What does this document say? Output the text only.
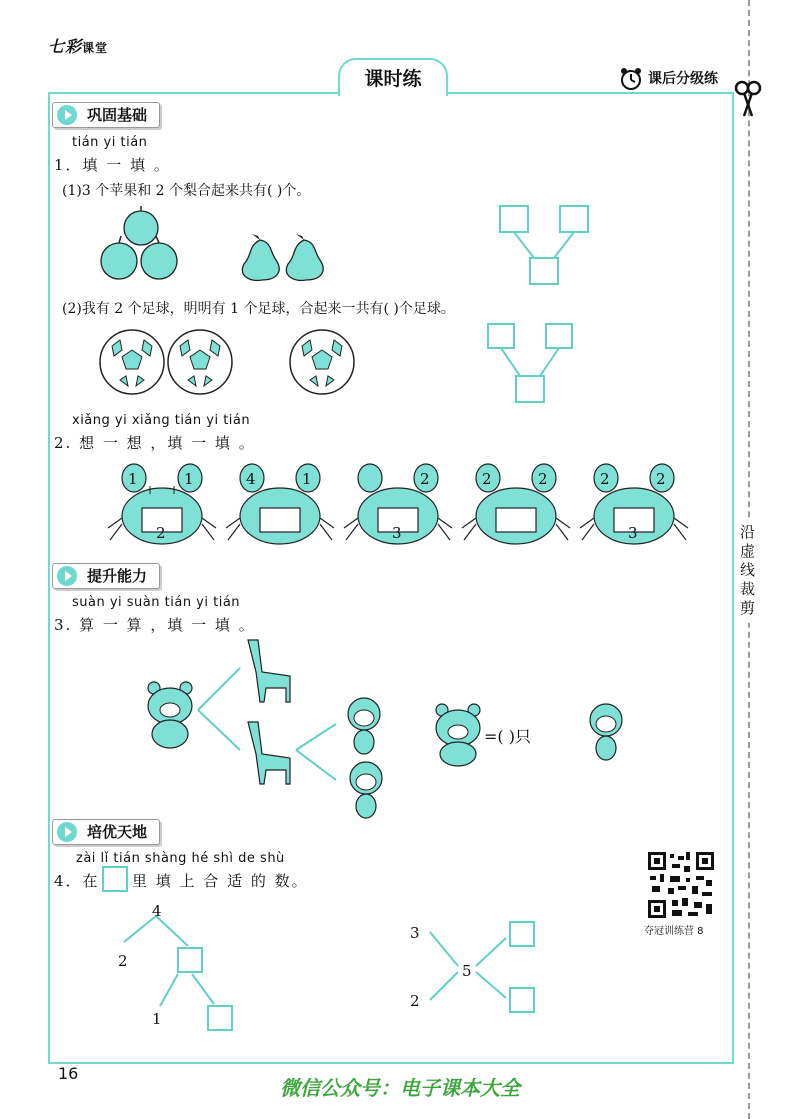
七彩课堂
沿虚线裁剪
课时练	课后分级练
巩固基础
tián yi tián
1．填 一 填 。
(1)3 个苹果和 2 个梨合起来共有( )个。
(2)我有 2 个足球，明明有 1 个足球，合起来一共有( )个足球。
xiǎng yi xiǎng tián yi tián
2. 想 一 想 ，填 一 填 。
1	1
2
4	1	2
3
2	2	2	2
3
提升能力
suàn yi suàn tián yi tián
3. 算 一 算 ，填 一 填 。
=( )只
培优天地
zài lǐ tián shàng hé shì de shù
4．在 里 填 上 合 适 的 数。
夺冠训练营 8
4
2
1
3
2
5
16
微信公众号：电子课本大全
